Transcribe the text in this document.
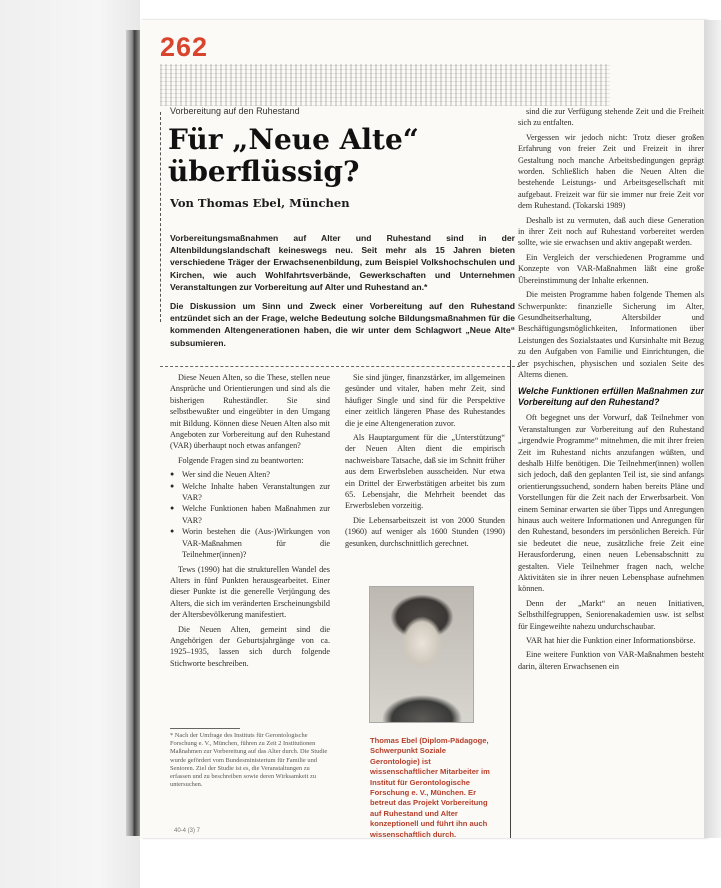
262
Vorbereitung auf den Ruhestand
Für „Neue Alte“
überflüssig?
Von Thomas Ebel, München

Vorbereitungsmaßnahmen auf Alter und Ruhestand sind in der Altenbildungslandschaft keineswegs neu. Seit mehr als 15 Jahren bieten verschiedene Träger der Erwachsenenbildung, zum Beispiel Volkshochschulen und Kirchen, wie auch Wohlfahrtsverbände, Gewerkschaften und Unternehmen Veranstaltungen zur Vorbereitung auf Alter und Ruhestand an.*

Die Diskussion um Sinn und Zweck einer Vorbereitung auf den Ruhestand entzündet sich an der Frage, welche Bedeutung solche Bildungsmaßnahmen für die kommenden Altengenerationen haben, die wir unter dem Schlagwort „Neue Alte“ subsumieren.

Diese Neuen Alten, so die These, stellen neue Ansprüche und Orientierungen und sind als die bisherigen Ruheständler. Sie sind selbstbewußter und eingeübter in den Umgang mit Bildung. Können diese Neuen Alten also mit Angeboten zur Vorbereitung auf den Ruhestand (VAR) überhaupt noch etwas anfangen?

Folgende Fragen sind zu beantworten:

● Wer sind die Neuen Alten?
● Welche Inhalte haben Veranstaltungen zur VAR?
● Welche Funktionen haben Maßnahmen zur VAR?
● Worin bestehen die (Aus-)Wirkungen von VAR-Maßnahmen für die Teilnehmer(innen)?

Tews (1990) hat die strukturellen Wandel des Alters in fünf Punkten herausgearbeitet. Einer dieser Punkte ist die generelle Verjüngung des Alters, die sich im veränderten Erscheinungsbild der Altersbevölkerung manifestiert.

Die Neuen Alten, gemeint sind die Angehörigen der Geburtsjahrgänge von ca. 1925–1935, lassen sich durch folgende Stichworte beschreiben.

Sie sind jünger, finanzstärker, im allgemeinen gesünder und vitaler, haben mehr Zeit, sind häufiger Single und sind für die Perspektive einer zeitlich längeren Phase des Ruhestandes die je eine Altengeneration zuvor.

Als Hauptargument für die „Unterstützung“ der Neuen Alten dient die empirisch nachweisbare Tatsache, daß sie im Schnitt früher aus dem Erwerbsleben ausscheiden. Nur etwa ein Drittel der Erwerbstätigen arbeitet bis zum 65. Lebensjahr, die Mehrheit beendet das Erwerbsleben vorzeitig.

Die Lebensarbeitszeit ist von 2000 Stunden (1960) auf weniger als 1600 Stunden (1990) gesunken, durchschnittlich gerechnet.

Thomas Ebel (Diplom-Pädagoge, Schwerpunkt Soziale Gerontologie) ist wissenschaftlicher Mitarbeiter im Institut für Gerontologische Forschung e. V., München. Er betreut das Projekt Vorbereitung auf Ruhestand und Alter konzeptionell und führt ihn auch wissenschaftlich durch.
* Nach der Umfrage des Instituts für Gerontologische Forschung e. V., München, führen zu Zeit 2 Institutionen Maßnahmen zur Vorbereitung auf das Alter durch. Die Studie wurde gefördert vom Bundesministerium für Familie und Senioren. Ziel der Studie ist es, die Veranstaltungen zu erfassen und zu beschreiben sowie deren Wirksamkeit zu untersuchen.

sind die zur Verfügung stehende Zeit und die Freiheit sich zu entfalten.

Vergessen wir jedoch nicht: Trotz dieser großen Erfahrung von freier Zeit und Freizeit in ihrer Gestaltung noch manche Arbeitsbedingungen geprägt worden. Schließlich haben die Neuen Alten die bestehende Leistungs- und Arbeitsgesellschaft mit aufgebaut. Freizeit war für sie immer nur freie Zeit vor dem Ruhestand. (Tokarski 1989)

Deshalb ist zu vermuten, daß auch diese Generation in ihrer Zeit noch auf Ruhestand vorbereitet werden sollte, wie sie erwachsen und aktiv angepaßt werden.

Ein Vergleich der verschiedenen Programme und Konzepte von VAR-Maßnahmen läßt eine große Übereinstimmung der Inhalte erkennen.

Die meisten Programme haben folgende Themen als Schwerpunkte: finanzielle Sicherung im Alter, Gesundheitserhaltung, Altersbilder und Beschäftigungsmöglichkeiten, Informationen über Leistungen des Sozialstaates und Kursinhalte mit Bezug zu den Aufgaben von Familie und Einrichtungen, die der psychischen, physischen und sozialen Seite des Alterns dienen.

Welche Funktionen erfüllen Maßnahmen zur Vorbereitung auf den Ruhestand?

Oft begegnet uns der Vorwurf, daß Teilnehmer von Veranstaltungen zur Vorbereitung auf den Ruhestand „irgendwie Programme“ mitnehmen, die mit ihrer freien Zeit im Ruhestand nichts anzufangen wüßten, und deshalb Hilfe benötigen. Die Teilnehmer(innen) wollen sich jedoch, daß den geplanten Teil ist, sie sind anfangs orientierungssuchend, sondern haben bereits Pläne und Vorstellungen für die Zeit nach der Erwerbsarbeit. Von einem Seminar erwarten sie über Tipps und Anregungen hinaus auch weitere Informationen und Anregungen für den Ruhestand, besonders im persönlichen Bereich. Für sie bedeutet die neue, zusätzliche freie Zeit eine Herausforderung, einen neuen Lebensabschnitt zu gestalten. Viele Teilnehmer fragen nach, welche Aktivitäten sie in ihrer neuen Lebensphase aufnehmen können.

Denn der „Markt“ an neuen Initiativen, Selbsthilfegruppen, Seniorenakademien usw. ist selbst für Eingeweihte nahezu undurchschaubar.

VAR hat hier die Funktion einer Informationsbörse.

Eine weitere Funktion von VAR-Maßnahmen besteht darin, älteren Erwachsenen ein

40-4 (3) 7
